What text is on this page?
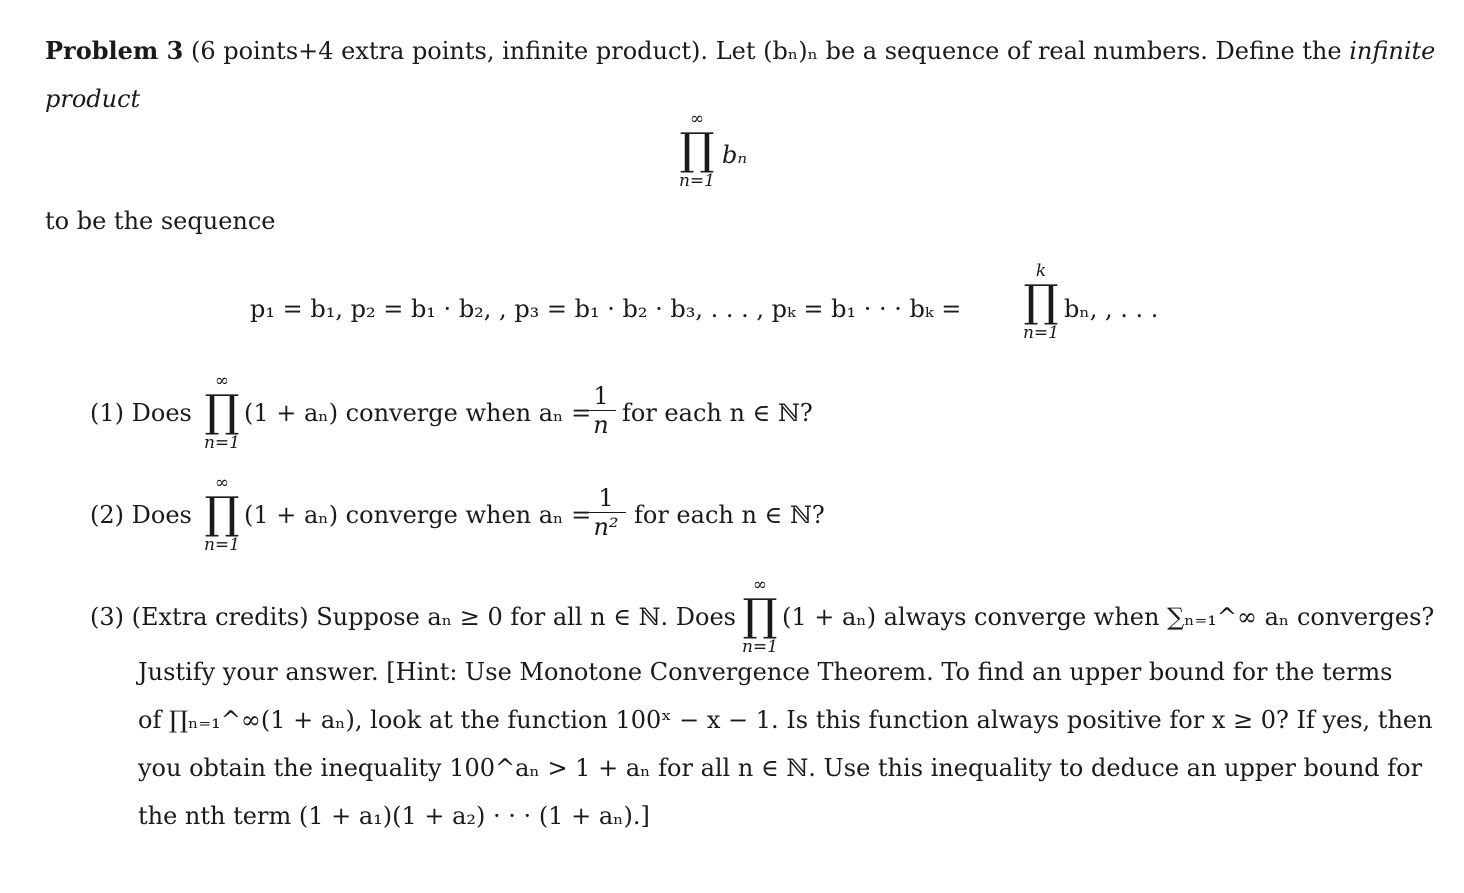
Problem 3 (6 points+4 extra points, infinite product). Let (bₙ)ₙ be a sequence of real numbers. Define the infinite
product
∞
∏
n=1
bₙ
to be the sequence
p₁ = b₁, p₂ = b₁ · b₂, , p₃ = b₁ · b₂ · b₃, . . . , pₖ = b₁ · · · bₖ =
k
∏
n=1
bₙ, , . . .
(1) Does
∞
∏
n=1
(1 + aₙ) converge when aₙ =
$\frac{1}{n}$ for each n ∈ ℕ?
(2) Does
∞
∏
n=1
(1 + aₙ) converge when aₙ =
$\frac{1}{\text{n²}}$ for each n ∈ ℕ?
(3) (Extra credits) Suppose aₙ ≥ 0 for all n ∈ ℕ. Does
∞
∏
n=1
(1 + aₙ) always converge when ∑ₙ₌₁^∞ aₙ converges?
Justify your answer. [Hint: Use Monotone Convergence Theorem. To find an upper bound for the terms
of ∏ₙ₌₁^∞(1 + aₙ), look at the function 100ˣ − x − 1. Is this function always positive for x ≥ 0? If yes, then
you obtain the inequality 100^aₙ > 1 + aₙ for all n ∈ ℕ. Use this inequality to deduce an upper bound for
the nth term (1 + a₁)(1 + a₂) · · · (1 + aₙ).]
